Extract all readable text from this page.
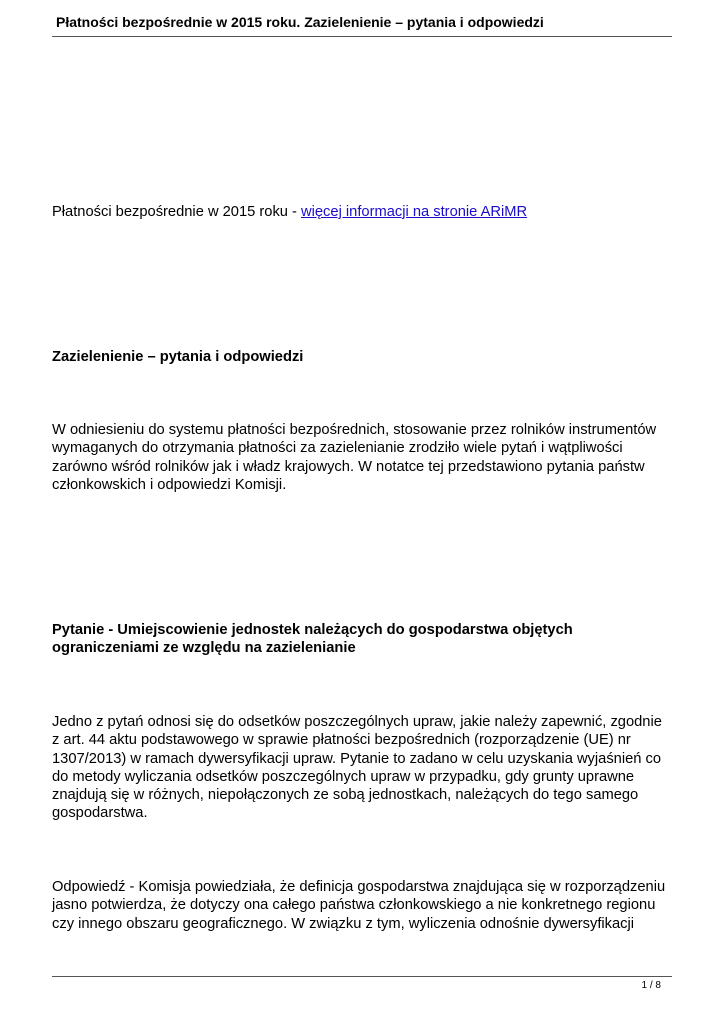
Płatności bezpośrednie w 2015 roku. Zazielenienie – pytania i odpowiedzi
Płatności bezpośrednie w 2015 roku - więcej informacji na stronie ARiMR
Zazielenienie – pytania i odpowiedzi
W odniesieniu do systemu płatności bezpośrednich, stosowanie przez rolników instrumentów
wymaganych do otrzymania płatności za zazielenianie zrodziło wiele pytań i wątpliwości
zarówno wśród rolników jak i władz krajowych. W notatce tej przedstawiono pytania państw
członkowskich i odpowiedzi Komisji.
Pytanie - Umiejscowienie jednostek należących do gospodarstwa objętych
ograniczeniami ze względu na zazielenianie
Jedno z pytań odnosi się do odsetków poszczególnych upraw, jakie należy zapewnić, zgodnie
z art. 44 aktu podstawowego w sprawie płatności bezpośrednich (rozporządzenie (UE) nr
1307/2013) w ramach dywersyfikacji upraw. Pytanie to zadano w celu uzyskania wyjaśnień co
do metody wyliczania odsetków poszczególnych upraw w przypadku, gdy grunty uprawne
znajdują się w różnych, niepołączonych ze sobą jednostkach, należących do tego samego
gospodarstwa.
Odpowiedź - Komisja powiedziała, że definicja gospodarstwa znajdująca się w rozporządzeniu
jasno potwierdza, że dotyczy ona całego państwa członkowskiego a nie konkretnego regionu
czy innego obszaru geograficznego. W związku z tym, wyliczenia odnośnie dywersyfikacji
1 / 8
